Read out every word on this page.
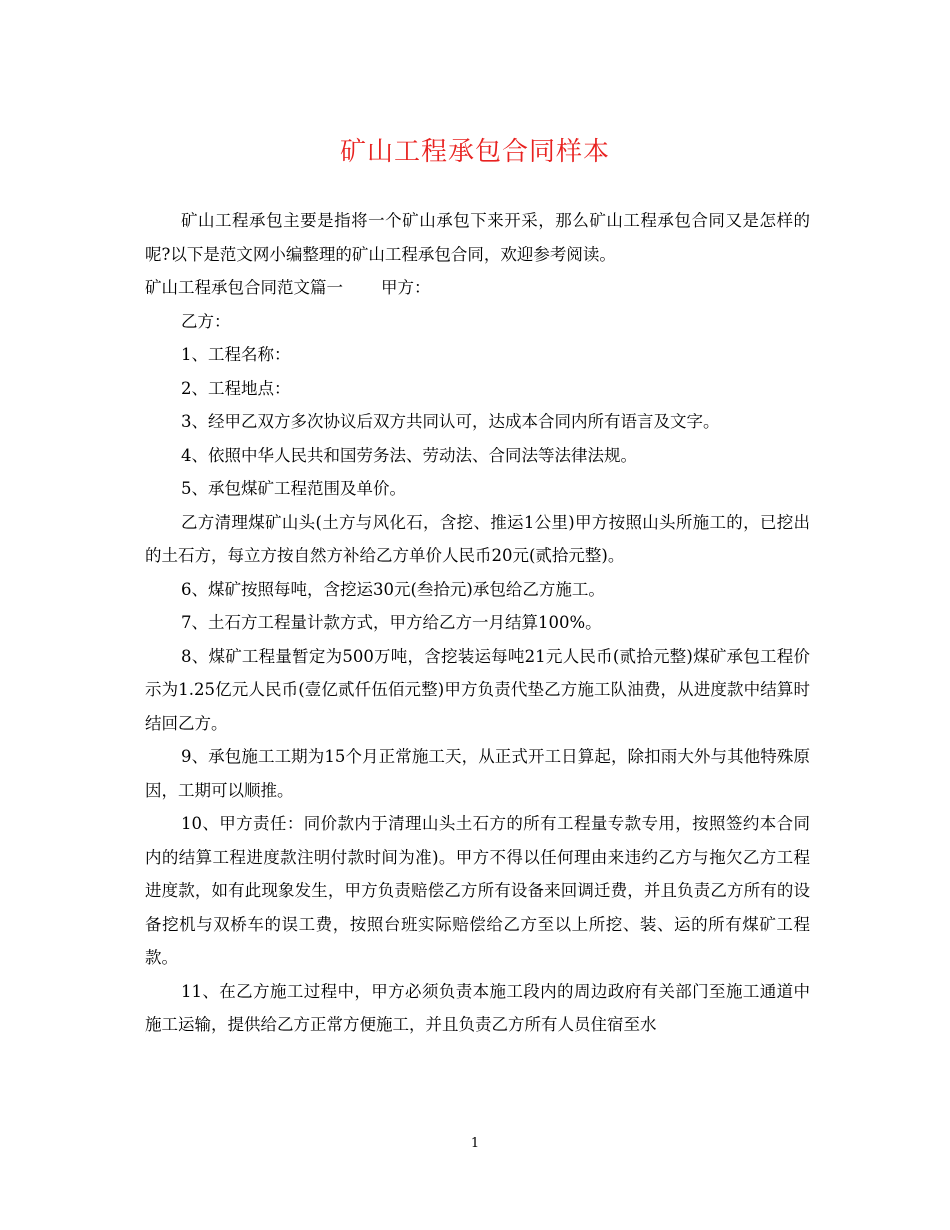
矿山工程承包合同样本

矿山工程承包主要是指将一个矿山承包下来开采，那么矿山工程承包合同又是怎样的呢?以下是范文网小编整理的矿山工程承包合同，欢迎参考阅读。

矿山工程承包合同范文篇一 甲方：

乙方：

1、工程名称：

2、工程地点：

3、经甲乙双方多次协议后双方共同认可，达成本合同内所有语言及文字。

4、依照中华人民共和国劳务法、劳动法、合同法等法律法规。

5、承包煤矿工程范围及单价。

乙方清理煤矿山头(土方与风化石，含挖、推运1公里)甲方按照山头所施工的，已挖出的土石方，每立方按自然方补给乙方单价人民币20元(贰拾元整)。

6、煤矿按照每吨，含挖运30元(叁拾元)承包给乙方施工。

7、土石方工程量计款方式，甲方给乙方一月结算100%。

8、煤矿工程量暂定为500万吨，含挖装运每吨21元人民币(贰拾元整)煤矿承包工程价示为1.25亿元人民币(壹亿贰仟伍佰元整)甲方负责代垫乙方施工队油费，从进度款中结算时结回乙方。

9、承包施工工期为15个月正常施工天，从正式开工日算起，除扣雨大外与其他特殊原因，工期可以顺推。

10、甲方责任：同价款内于清理山头土石方的所有工程量专款专用，按照签约本合同内的结算工程进度款注明付款时间为准)。甲方不得以任何理由来违约乙方与拖欠乙方工程进度款，如有此现象发生，甲方负责赔偿乙方所有设备来回调迁费，并且负责乙方所有的设备挖机与双桥车的误工费，按照台班实际赔偿给乙方至以上所挖、装、运的所有煤矿工程款。

11、在乙方施工过程中，甲方必须负责本施工段内的周边政府有关部门至施工通道中施工运输，提供给乙方正常方便施工，并且负责乙方所有人员住宿至水

1
